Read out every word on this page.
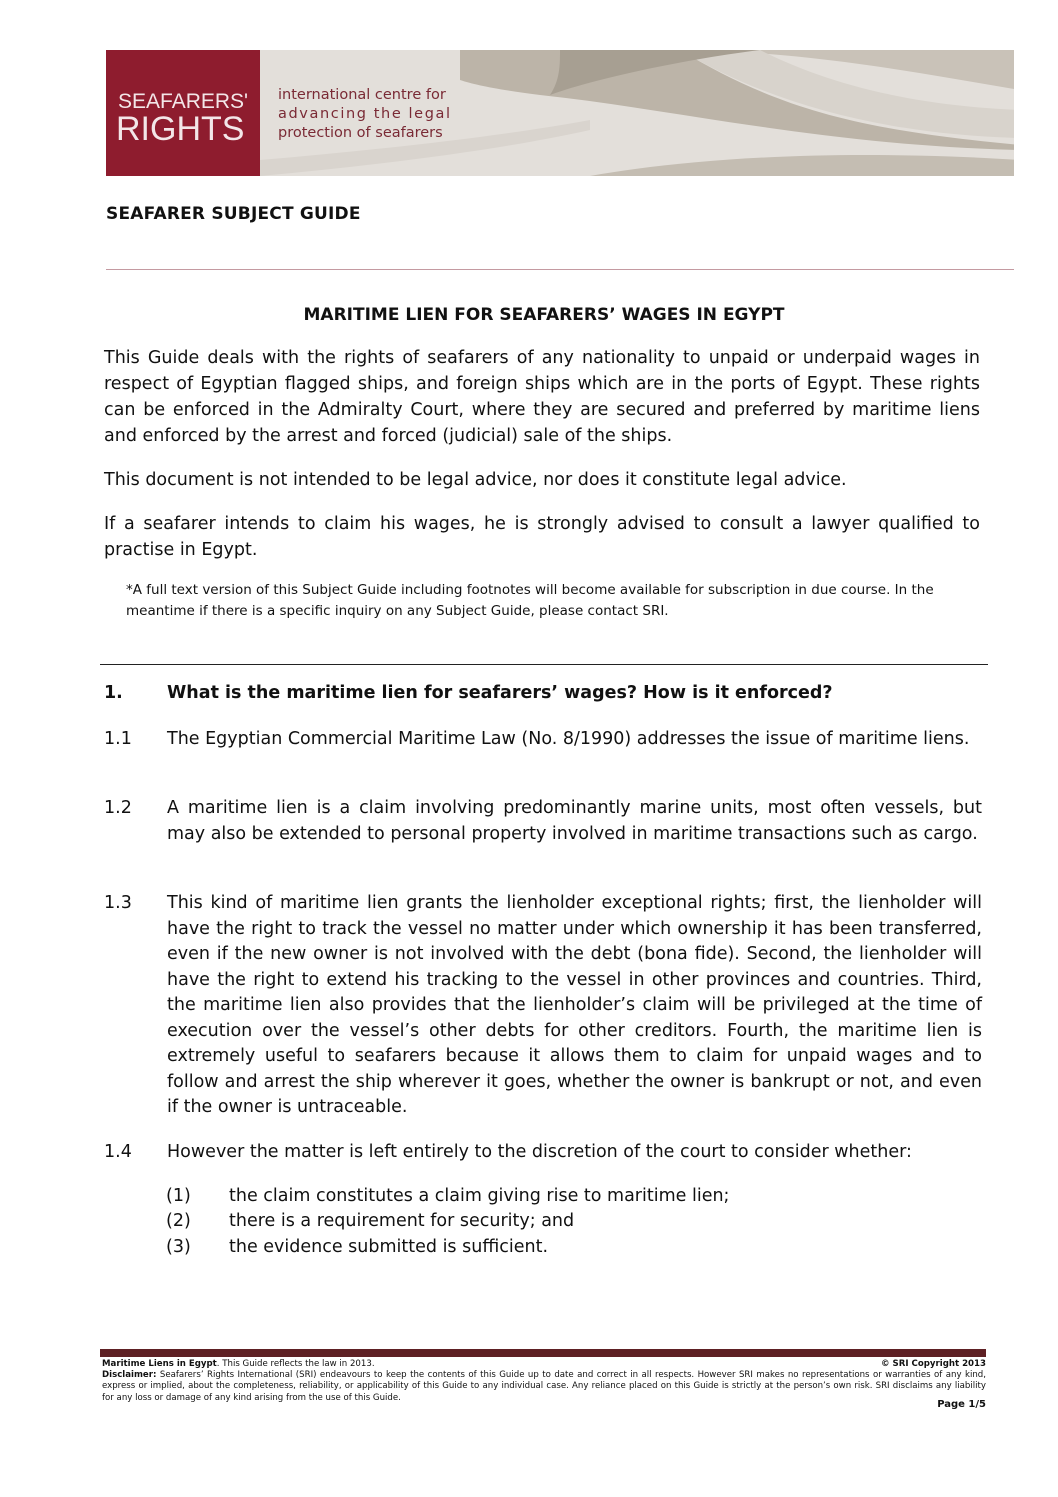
SEAFARERS'
RIGHTS
international centre for
advancing the legal
protection of seafarers
SEAFARER SUBJECT GUIDE
MARITIME LIEN FOR SEAFARERS’ WAGES IN EGYPT
This Guide deals with the rights of seafarers of any nationality to unpaid or underpaid wages in respect of Egyptian flagged ships, and foreign ships which are in the ports of Egypt. These rights can be enforced in the Admiralty Court, where they are secured and preferred by maritime liens and enforced by the arrest and forced (judicial) sale of the ships.
This document is not intended to be legal advice, nor does it constitute legal advice.
If a seafarer intends to claim his wages, he is strongly advised to consult a lawyer qualified to practise in Egypt.
*A full text version of this Subject Guide including footnotes will become available for subscription in due course. In the meantime if there is a specific inquiry on any Subject Guide, please contact SRI.
1.	What is the maritime lien for seafarers’ wages? How is it enforced?
1.1 The Egyptian Commercial Maritime Law (No. 8/1990) addresses the issue of maritime liens.
1.2 A maritime lien is a claim involving predominantly marine units, most often vessels, but may also be extended to personal property involved in maritime transactions such as cargo.
1.3 This kind of maritime lien grants the lienholder exceptional rights; first, the lienholder will have the right to track the vessel no matter under which ownership it has been transferred, even if the new owner is not involved with the debt (bona fide). Second, the lienholder will have the right to extend his tracking to the vessel in other provinces and countries. Third, the maritime lien also provides that the lienholder’s claim will be privileged at the time of execution over the vessel’s other debts for other creditors. Fourth, the maritime lien is extremely useful to seafarers because it allows them to claim for unpaid wages and to follow and arrest the ship wherever it goes, whether the owner is bankrupt or not, and even if the owner is untraceable.
1.4 However the matter is left entirely to the discretion of the court to consider whether:
(1) the claim constitutes a claim giving rise to maritime lien;
(2) there is a requirement for security; and
(3) the evidence submitted is sufficient.
Maritime Liens in Egypt. This Guide reflects the law in 2013.	© SRI Copyright 2013
Disclaimer: Seafarers’ Rights International (SRI) endeavours to keep the contents of this Guide up to date and correct in all respects. However SRI makes no representations or warranties of any kind, express or implied, about the completeness, reliability, or applicability of this Guide to any individual case. Any reliance placed on this Guide is strictly at the person’s own risk. SRI disclaims any liability for any loss or damage of any kind arising from the use of this Guide.
Page 1/5
